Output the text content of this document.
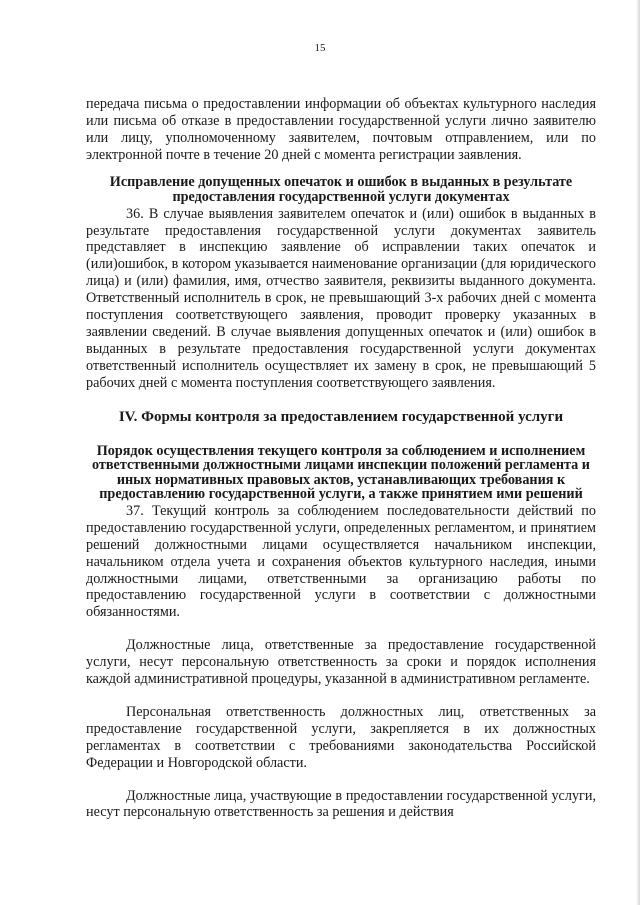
15

передача письма о предоставлении информации об объектах культурного наследия или письма об отказе в предоставлении государственной услуги лично заявителю или лицу, уполномоченному заявителем, почтовым отправлением, или по электронной почте в течение 20 дней с момента регистрации заявления.

Исправление допущенных опечаток и ошибок в выданных в результате предоставления государственной услуги документах

36. В случае выявления заявителем опечаток и (или) ошибок в выданных в результате предоставления государственной услуги документах заявитель представляет в инспекцию заявление об исправлении таких опечаток и (или)ошибок, в котором указывается наименование организации (для юридического лица) и (или) фамилия, имя, отчество заявителя, реквизиты выданного документа. Ответственный исполнитель в срок, не превышающий 3-х рабочих дней с момента поступления соответствующего заявления, проводит проверку указанных в заявлении сведений. В случае выявления допущенных опечаток и (или) ошибок в выданных в результате предоставления государственной услуги документах ответственный исполнитель осуществляет их замену в срок, не превышающий 5 рабочих дней с момента поступления соответствующего заявления.

IV. Формы контроля за предоставлением государственной услуги

Порядок осуществления текущего контроля за соблюдением и исполнением ответственными должностными лицами инспекции положений регламента и иных нормативных правовых актов, устанавливающих требования к предоставлению государственной услуги, а также принятием ими решений

37. Текущий контроль за соблюдением последовательности действий по предоставлению государственной услуги, определенных регламентом, и принятием решений должностными лицами осуществляется начальником инспекции, начальником отдела учета и сохранения объектов культурного наследия, иными должностными лицами, ответственными за организацию работы по предоставлению государственной услуги в соответствии с должностными обязанностями.

Должностные лица, ответственные за предоставление государственной услуги, несут персональную ответственность за сроки и порядок исполнения каждой административной процедуры, указанной в административном регламенте.

Персональная ответственность должностных лиц, ответственных за предоставление государственной услуги, закрепляется в их должностных регламентах в соответствии с требованиями законодательства Российской Федерации и Новгородской области.

Должностные лица, участвующие в предоставлении государственной услуги, несут персональную ответственность за решения и действия
